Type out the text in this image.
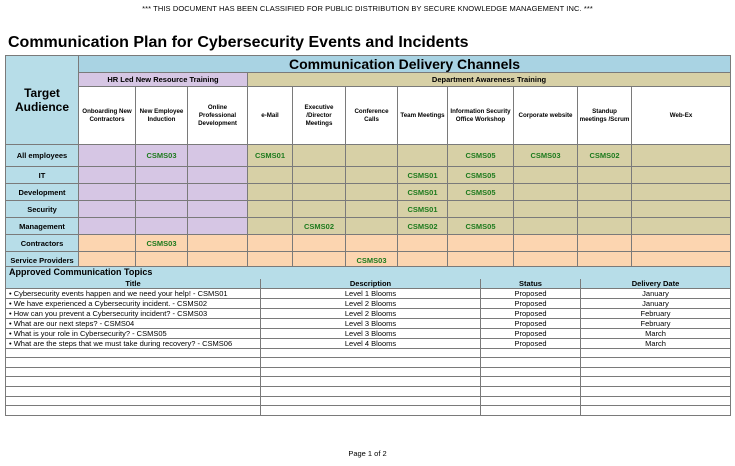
*** THIS DOCUMENT HAS BEEN CLASSIFIED FOR PUBLIC DISTRIBUTION BY SECURE KNOWLEDGE MANAGEMENT INC. ***
Communication Plan for Cybersecurity Events and Incidents
Target Audience	Communication Delivery Channels										
	HR Led New Resource Training			Department Awareness Training							
	Onboarding New Contractors	New Employee Induction	Online Professional Development	e-Mail	Executive /Director Meetings	Conference Calls	Team Meetings	Information Security Office Workshop	Corporate website	Standup meetings /Scrum	Web-Ex
All employees		CSMS03		CSMS01				CSMS05	CSMS03	CSMS02	
IT							CSMS01	CSMS05			
Development							CSMS01	CSMS05			
Security							CSMS01				
Management					CSMS02		CSMS02	CSMS05			
Contractors		CSMS03									
Service Providers						CSMS03					
Approved Communication Topics			
Title	Description	Status	Delivery Date
• Cybersecurity events happen and we need your help! - CSMS01	Level 1 Blooms	Proposed	January
• We have experienced a Cybersecurity incident. - CSMS02	Level 2 Blooms	Proposed	January
• How can you prevent a Cybersecurity incident? - CSMS03	Level 2 Blooms	Proposed	February
• What are our next steps? - CSMS04	Level 3 Blooms	Proposed	February
• What is your role in Cybersecurity? - CSMS05	Level 3 Blooms	Proposed	March
• What are the steps that we must take during recovery? - CSMS06	Level 4 Blooms	Proposed	March

Page 1 of 2
